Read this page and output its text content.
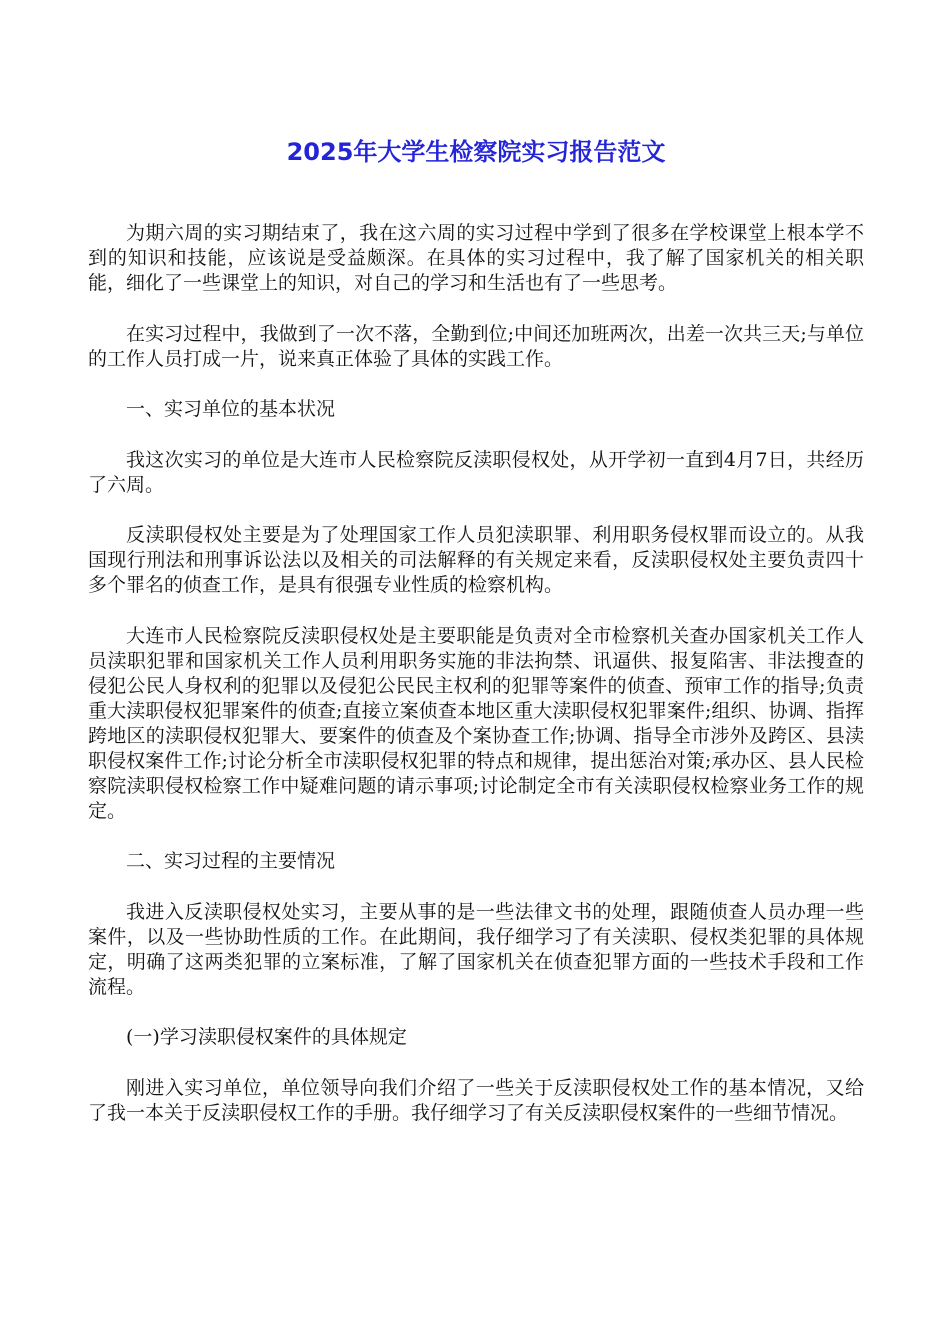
2025年大学生检察院实习报告范文

为期六周的实习期结束了，我在这六周的实习过程中学到了很多在学校课堂上根本学不到的知识和技能，应该说是受益颇深。在具体的实习过程中，我了解了国家机关的相关职能，细化了一些课堂上的知识，对自己的学习和生活也有了一些思考。

在实习过程中，我做到了一次不落，全勤到位;中间还加班两次，出差一次共三天;与单位的工作人员打成一片，说来真正体验了具体的实践工作。

一、实习单位的基本状况

我这次实习的单位是大连市人民检察院反渎职侵权处，从开学初一直到4月7日，共经历了六周。

反渎职侵权处主要是为了处理国家工作人员犯渎职罪、利用职务侵权罪而设立的。从我国现行刑法和刑事诉讼法以及相关的司法解释的有关规定来看，反渎职侵权处主要负责四十多个罪名的侦查工作，是具有很强专业性质的检察机构。

大连市人民检察院反渎职侵权处是主要职能是负责对全市检察机关查办国家机关工作人员渎职犯罪和国家机关工作人员利用职务实施的非法拘禁、讯逼供、报复陷害、非法搜查的侵犯公民人身权利的犯罪以及侵犯公民民主权利的犯罪等案件的侦查、预审工作的指导;负责重大渎职侵权犯罪案件的侦查;直接立案侦查本地区重大渎职侵权犯罪案件;组织、协调、指挥跨地区的渎职侵权犯罪大、要案件的侦查及个案协查工作;协调、指导全市涉外及跨区、县渎职侵权案件工作;讨论分析全市渎职侵权犯罪的特点和规律，提出惩治对策;承办区、县人民检察院渎职侵权检察工作中疑难问题的请示事项;讨论制定全市有关渎职侵权检察业务工作的规定。

二、实习过程的主要情况

我进入反渎职侵权处实习，主要从事的是一些法律文书的处理，跟随侦查人员办理一些案件，以及一些协助性质的工作。在此期间，我仔细学习了有关渎职、侵权类犯罪的具体规定，明确了这两类犯罪的立案标准，了解了国家机关在侦查犯罪方面的一些技术手段和工作流程。

(一)学习渎职侵权案件的具体规定

刚进入实习单位，单位领导向我们介绍了一些关于反渎职侵权处工作的基本情况，又给了我一本关于反渎职侵权工作的手册。我仔细学习了有关反渎职侵权案件的一些细节情况。
